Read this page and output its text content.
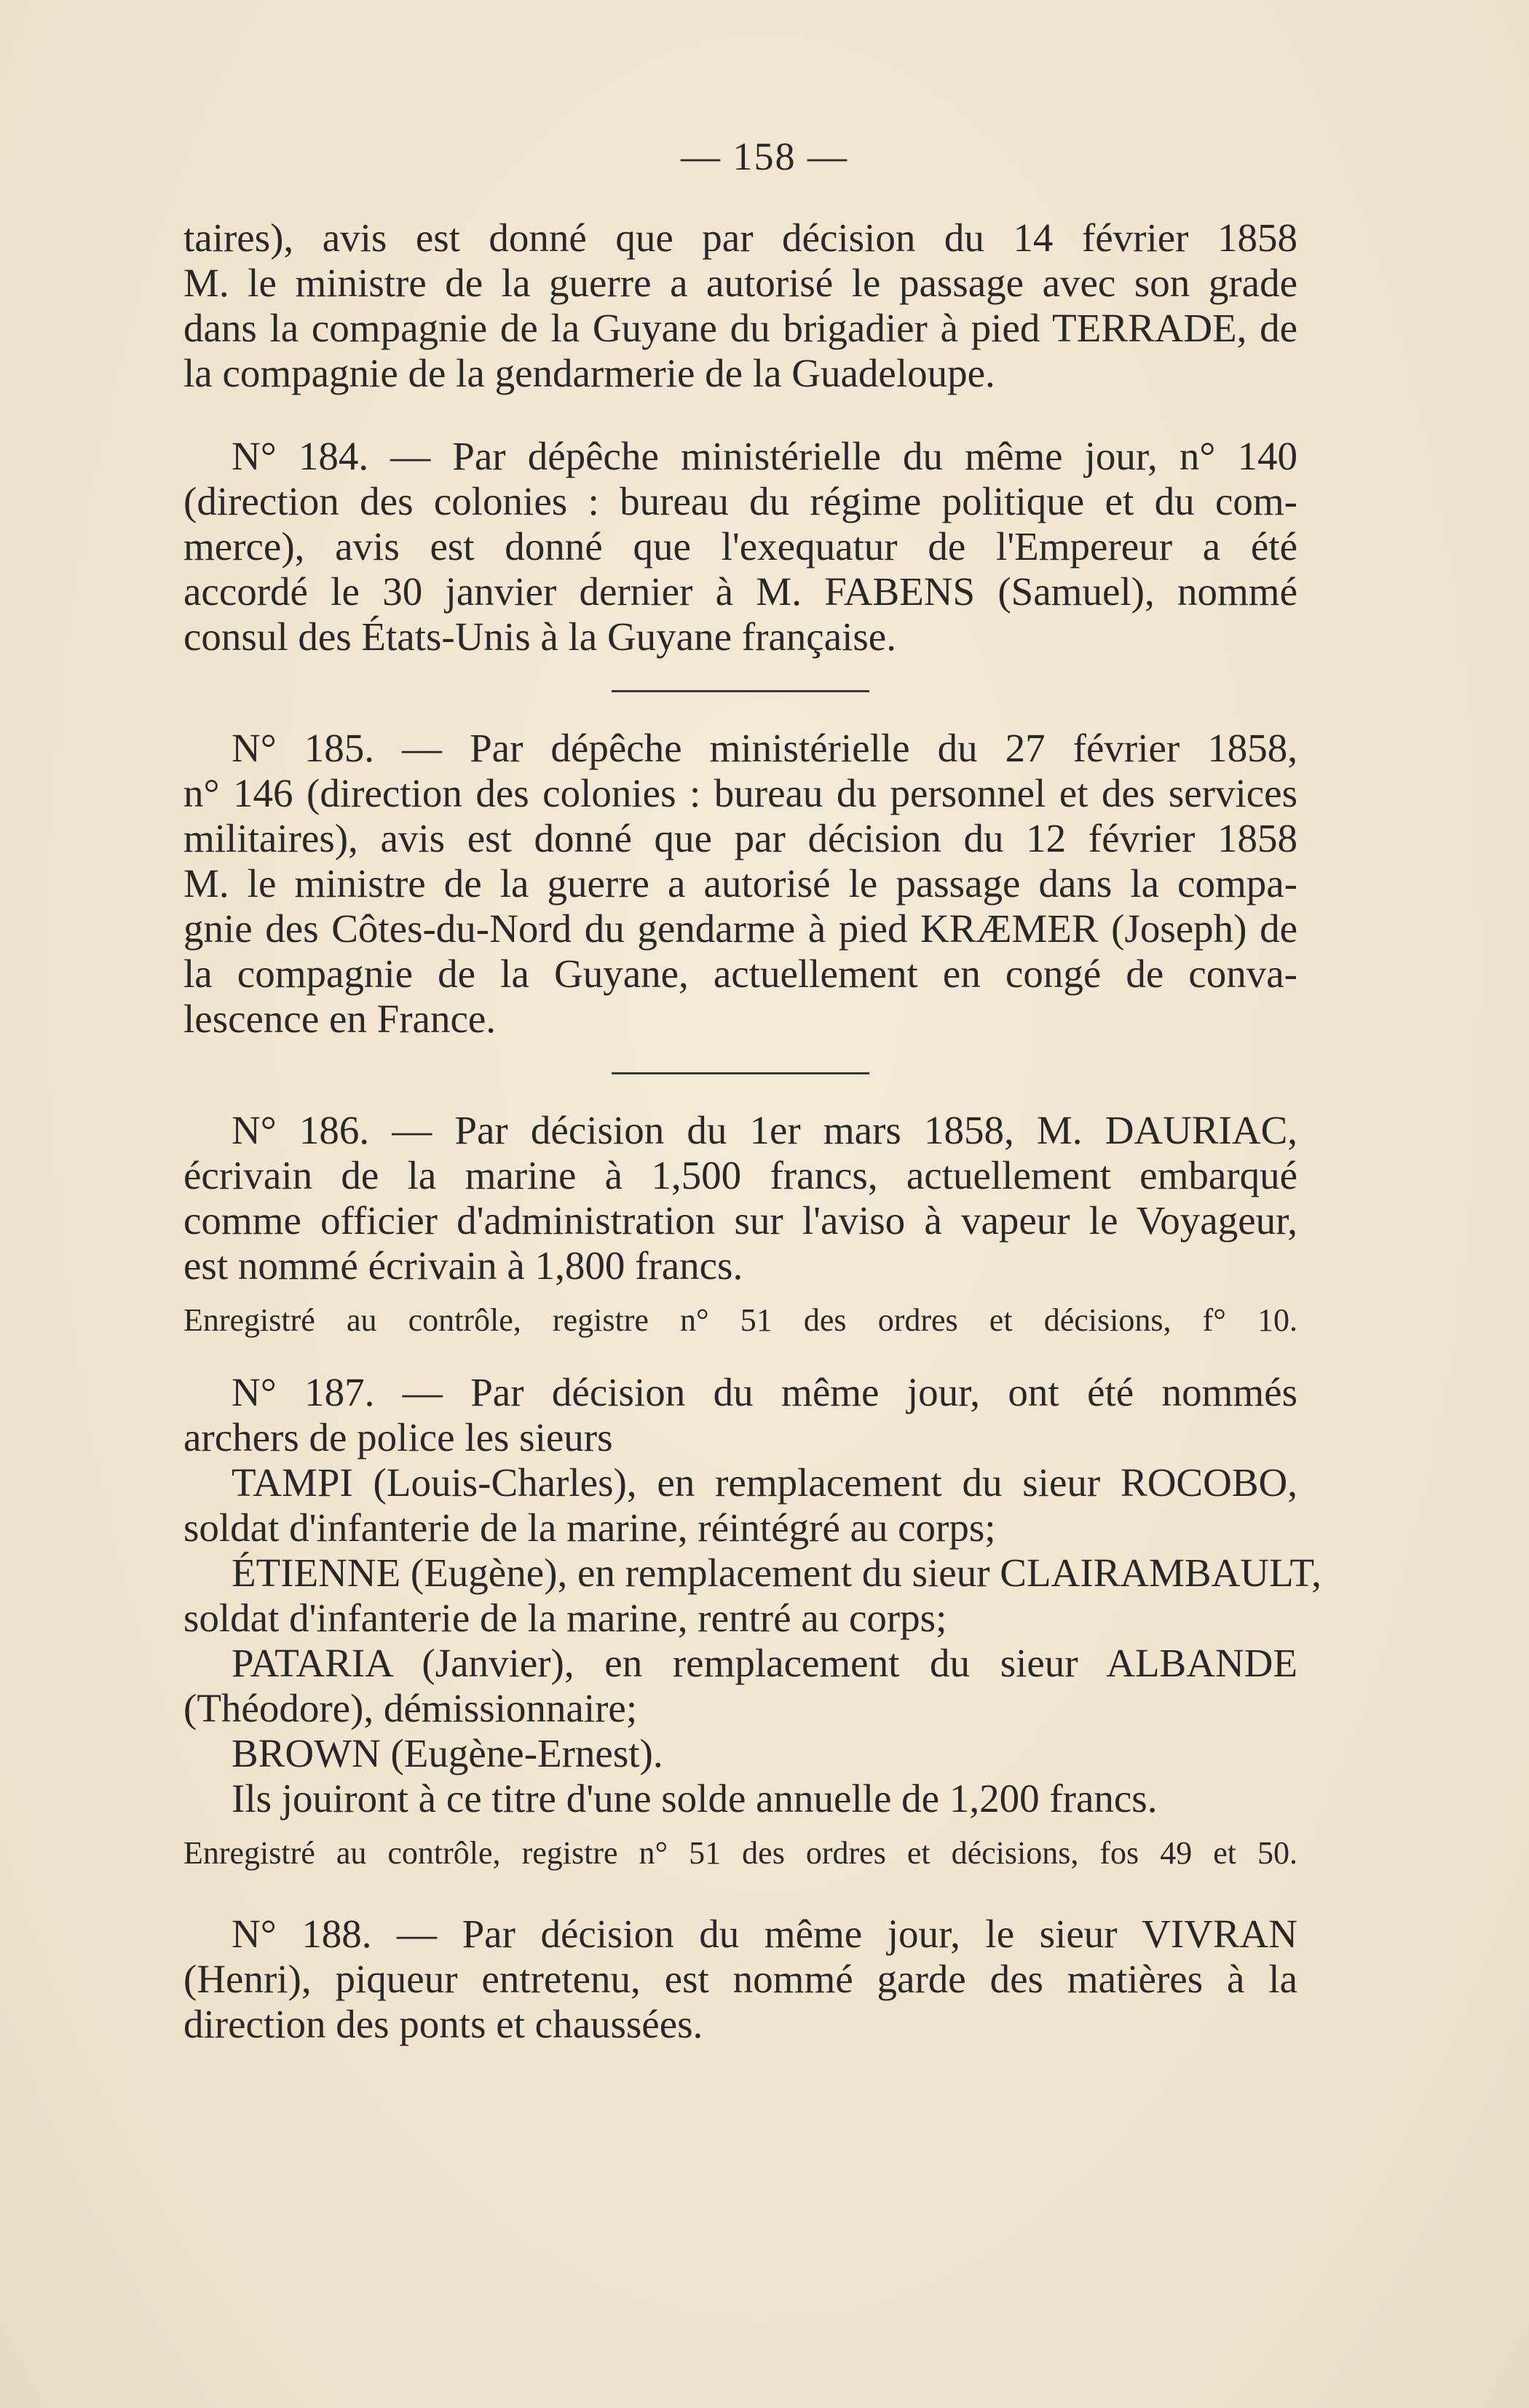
— 158 —
taires), avis est donné que par décision du 14 février 1858
M. le ministre de la guerre a autorisé le passage avec son grade
dans la compagnie de la Guyane du brigadier à pied TERRADE, de
la compagnie de la gendarmerie de la Guadeloupe.
N° 184. — Par dépêche ministérielle du même jour, n° 140
(direction des colonies : bureau du régime politique et du com-
merce), avis est donné que l'exequatur de l'Empereur a été
accordé le 30 janvier dernier à M. FABENS (Samuel), nommé
consul des États-Unis à la Guyane française.
N° 185. — Par dépêche ministérielle du 27 février 1858,
n° 146 (direction des colonies : bureau du personnel et des services
militaires), avis est donné que par décision du 12 février 1858
M. le ministre de la guerre a autorisé le passage dans la compa-
gnie des Côtes-du-Nord du gendarme à pied KRÆMER (Joseph) de
la compagnie de la Guyane, actuellement en congé de conva-
lescence en France.
N° 186. — Par décision du 1er mars 1858, M. DAURIAC,
écrivain de la marine à 1,500 francs, actuellement embarqué
comme officier d'administration sur l'aviso à vapeur le Voyageur,
est nommé écrivain à 1,800 francs.
Enregistré au contrôle, registre n° 51 des ordres et décisions, f° 10.
N° 187. — Par décision du même jour, ont été nommés
archers de police les sieurs
TAMPI (Louis-Charles), en remplacement du sieur ROCOBO,
soldat d'infanterie de la marine, réintégré au corps;
ÉTIENNE (Eugène), en remplacement du sieur CLAIRAMBAULT,
soldat d'infanterie de la marine, rentré au corps;
PATARIA (Janvier), en remplacement du sieur ALBANDE
(Théodore), démissionnaire;
BROWN (Eugène-Ernest).
Ils jouiront à ce titre d'une solde annuelle de 1,200 francs.
Enregistré au contrôle, registre n° 51 des ordres et décisions, fos 49 et 50.
N° 188. — Par décision du même jour, le sieur VIVRAN
(Henri), piqueur entretenu, est nommé garde des matières à la
direction des ponts et chaussées.
